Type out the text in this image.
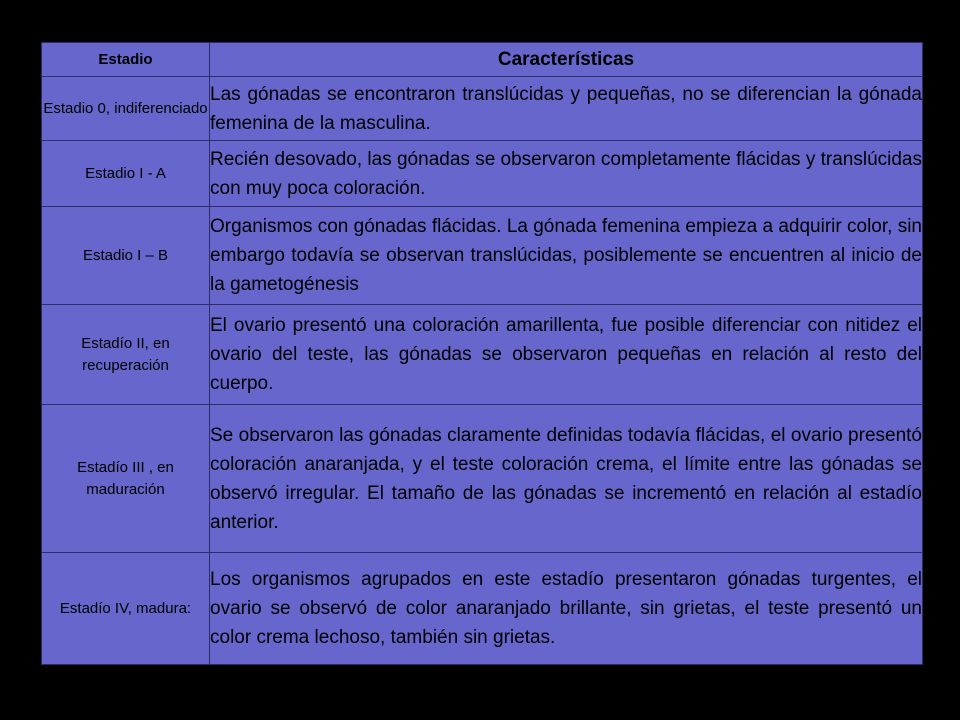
Estadio	Características
Estadio 0, indiferenciado	Las gónadas se encontraron translúcidas y pequeñas, no se diferencian la gónada femenina de la masculina.
Estadio I - A	Recién desovado, las gónadas se observaron completamente flácidas y translúcidas con muy poca coloración.
Estadio I – B	Organismos con gónadas flácidas. La gónada femenina empieza a adquirir color, sin embargo todavía se observan translúcidas, posiblemente se encuentren al inicio de la gametogénesis
Estadío II, en recuperación	El ovario presentó una coloración amarillenta, fue posible diferenciar con nitidez el ovario del teste, las gónadas se observaron pequeñas en relación al resto del cuerpo.
Estadío III , en maduración	Se observaron las gónadas claramente definidas todavía flácidas, el ovario presentó coloración anaranjada, y el teste coloración crema, el límite entre las gónadas se observó irregular. El tamaño de las gónadas se incrementó en relación al estadío anterior.
Estadío IV, madura:	Los organismos agrupados en este estadío presentaron gónadas turgentes, el ovario se observó de color anaranjado brillante, sin grietas, el teste presentó un color crema lechoso, también sin grietas.
